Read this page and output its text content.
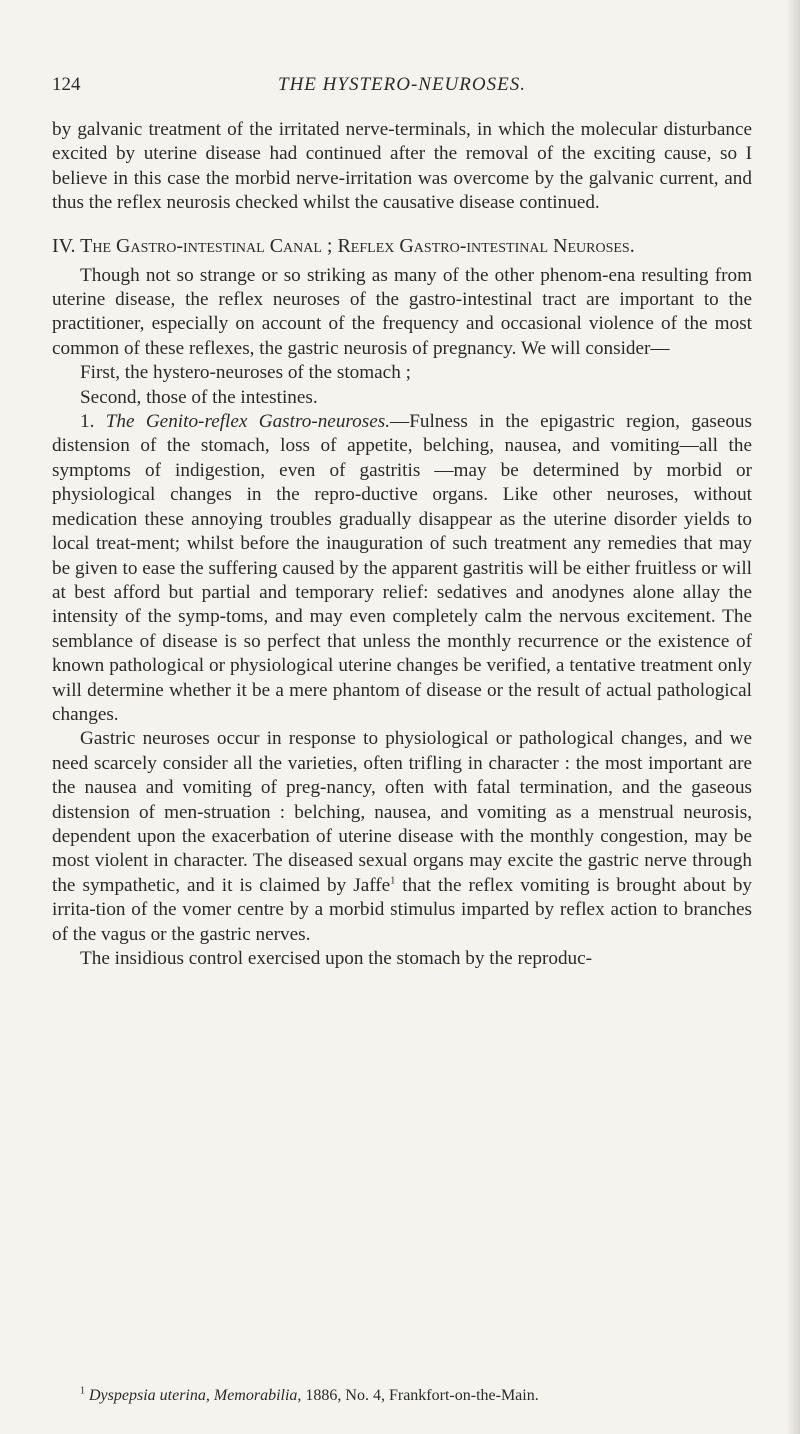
124	THE HYSTERO-NEUROSES.

by galvanic treatment of the irritated nerve-terminals, in which the molecular disturbance excited by uterine disease had continued after the removal of the exciting cause, so I believe in this case the morbid nerve-irritation was overcome by the galvanic current, and thus the reflex neurosis checked whilst the causative disease continued.

IV. The Gastro-intestinal Canal ; Reflex Gastro-intestinal Neuroses.

Though not so strange or so striking as many of the other phenom-ena resulting from uterine disease, the reflex neuroses of the gastro-intestinal tract are important to the practitioner, especially on account of the frequency and occasional violence of the most common of these reflexes, the gastric neurosis of pregnancy. We will consider—

First, the hystero-neuroses of the stomach ;

Second, those of the intestines.

1. The Genito-reflex Gastro-neuroses.—Fulness in the epigastric region, gaseous distension of the stomach, loss of appetite, belching, nausea, and vomiting—all the symptoms of indigestion, even of gastritis —may be determined by morbid or physiological changes in the repro-ductive organs. Like other neuroses, without medication these annoying troubles gradually disappear as the uterine disorder yields to local treat-ment; whilst before the inauguration of such treatment any remedies that may be given to ease the suffering caused by the apparent gastritis will be either fruitless or will at best afford but partial and temporary relief: sedatives and anodynes alone allay the intensity of the symp-toms, and may even completely calm the nervous excitement. The semblance of disease is so perfect that unless the monthly recurrence or the existence of known pathological or physiological uterine changes be verified, a tentative treatment only will determine whether it be a mere phantom of disease or the result of actual pathological changes.

Gastric neuroses occur in response to physiological or pathological changes, and we need scarcely consider all the varieties, often trifling in character : the most important are the nausea and vomiting of preg-nancy, often with fatal termination, and the gaseous distension of men-struation : belching, nausea, and vomiting as a menstrual neurosis, dependent upon the exacerbation of uterine disease with the monthly congestion, may be most violent in character. The diseased sexual organs may excite the gastric nerve through the sympathetic, and it is claimed by Jaffe$^1$ that the reflex vomiting is brought about by irrita-tion of the vomer centre by a morbid stimulus imparted by reflex action to branches of the vagus or the gastric nerves.

The insidious control exercised upon the stomach by the reproduc-

$^1$ Dyspepsia uterina, Memorabilia, 1886, No. 4, Frankfort-on-the-Main.
